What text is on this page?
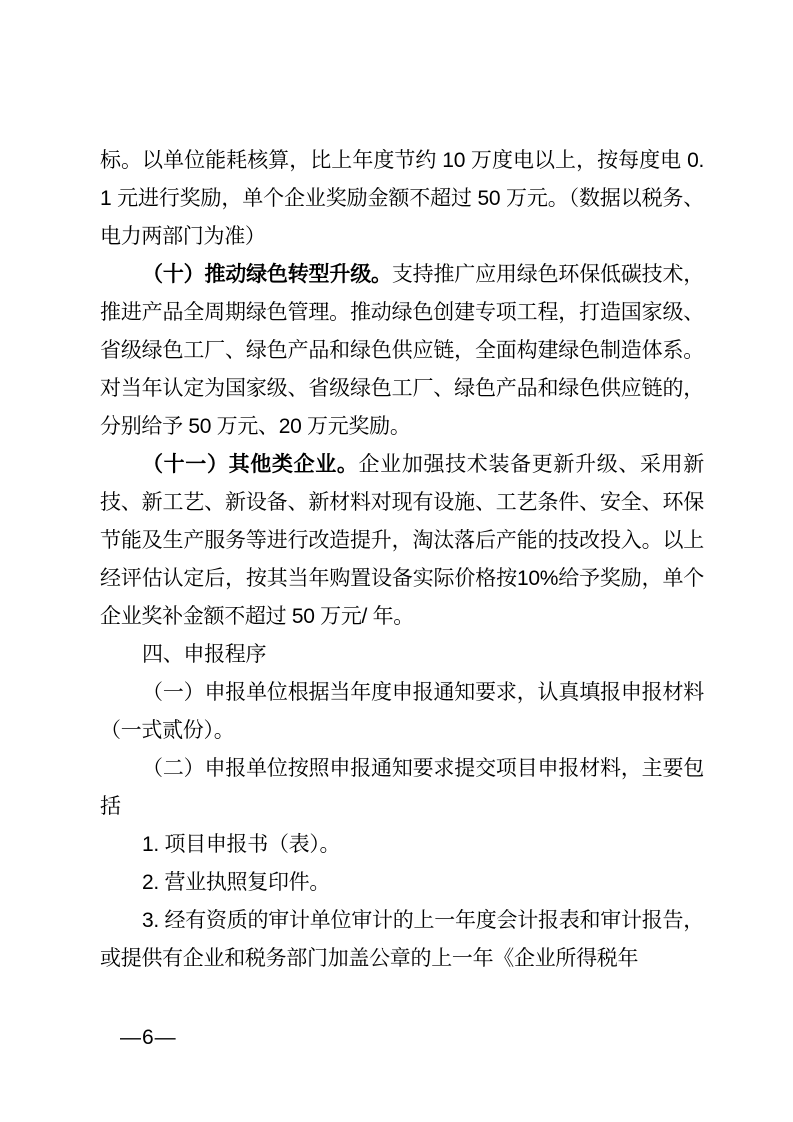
标。以单位能耗核算，比上年度节约 10 万度电以上，按每度电 0.1 元进行奖励，单个企业奖励金额不超过 50 万元。（数据以税务、电力两部门为准）

（十）推动绿色转型升级。支持推广应用绿色环保低碳技术，推进产品全周期绿色管理。推动绿色创建专项工程，打造国家级、省级绿色工厂、绿色产品和绿色供应链，全面构建绿色制造体系。对当年认定为国家级、省级绿色工厂、绿色产品和绿色供应链的，分别给予 50 万元、20 万元奖励。

（十一）其他类企业。企业加强技术装备更新升级、采用新技、新工艺、新设备、新材料对现有设施、工艺条件、安全、环保节能及生产服务等进行改造提升，淘汰落后产能的技改投入。以上经评估认定后，按其当年购置设备实际价格按10%给予奖励，单个企业奖补金额不超过 50 万元/ 年。

四、申报程序

（一）申报单位根据当年度申报通知要求，认真填报申报材料（一式贰份）。

（二）申报单位按照申报通知要求提交项目申报材料，主要包括

1. 项目申报书（表）。

2. 营业执照复印件。

3. 经有资质的审计单位审计的上一年度会计报表和审计报告，或提供有企业和税务部门加盖公章的上一年《企业所得税年

—6—
